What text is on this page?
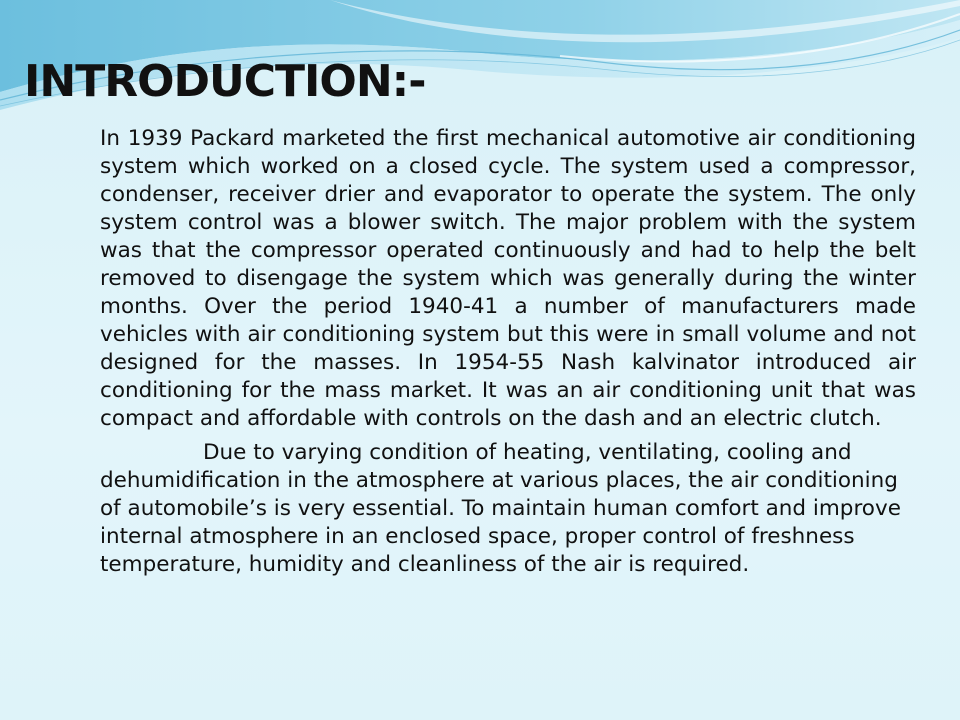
INTRODUCTION:-

In 1939 Packard marketed the first mechanical automotive air conditioning system which worked on a closed cycle. The system used a compressor, condenser, receiver drier and evaporator to operate the system. The only system control was a blower switch. The major problem with the system was that the compressor operated continuously and had to help the belt removed to disengage the system which was generally during the winter months. Over the period 1940-41 a number of manufacturers made vehicles with air conditioning system but this were in small volume and not designed for the masses. In 1954-55 Nash kalvinator introduced air conditioning for the mass market. It was an air conditioning unit that was compact and affordable with controls on the dash and an electric clutch.

Due to varying condition of heating, ventilating, cooling and dehumidification in the atmosphere at various places, the air conditioning of automobile’s is very essential. To maintain human comfort and improve internal atmosphere in an enclosed space, proper control of freshness temperature, humidity and cleanliness of the air is required.
